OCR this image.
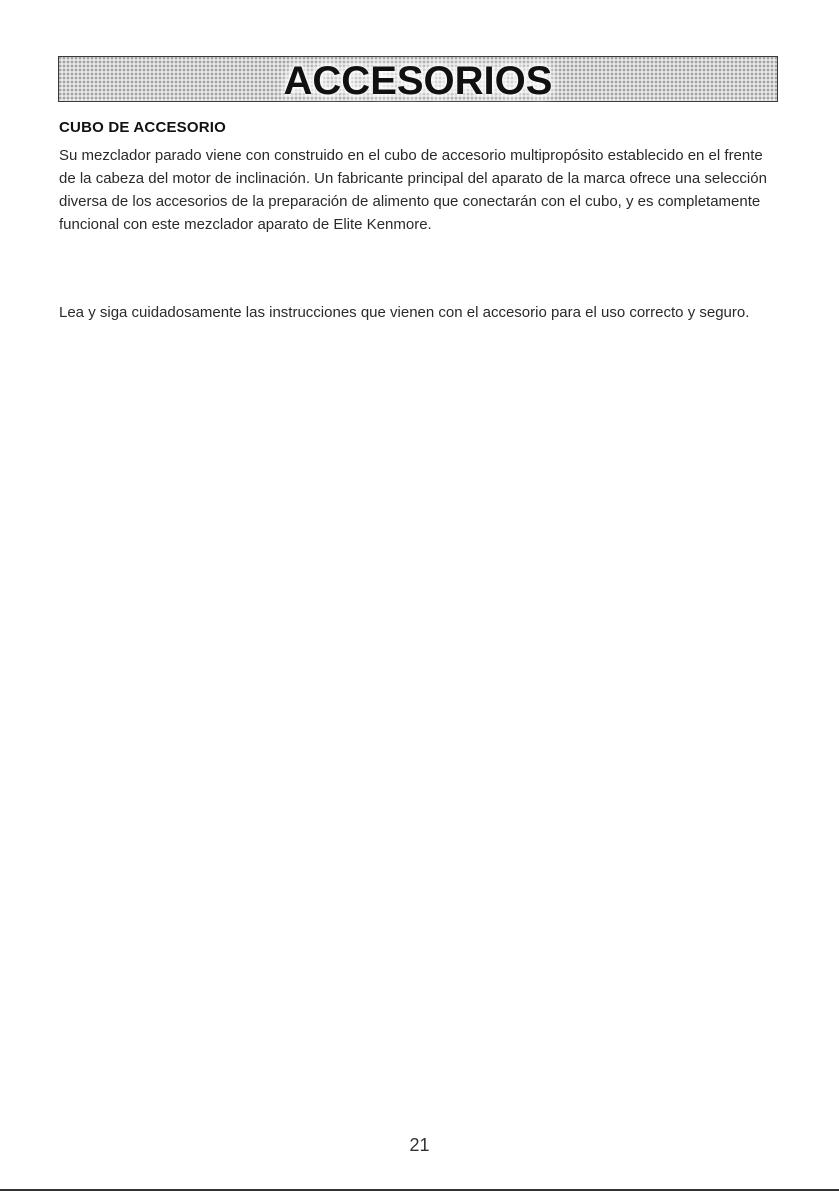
ACCESORIOS
CUBO DE ACCESORIO

Su mezclador parado viene con construido en el cubo de accesorio multipropósito establecido en el frente de la cabeza del motor de inclinación. Un fabricante principal del aparato de la marca ofrece una selección diversa de los accesorios de la preparación de alimento que conectarán con el cubo, y es completamente funcional con este mezclador aparato de Elite Kenmore.

Lea y siga cuidadosamente las instrucciones que vienen con el accesorio para el uso correcto y seguro.

21
